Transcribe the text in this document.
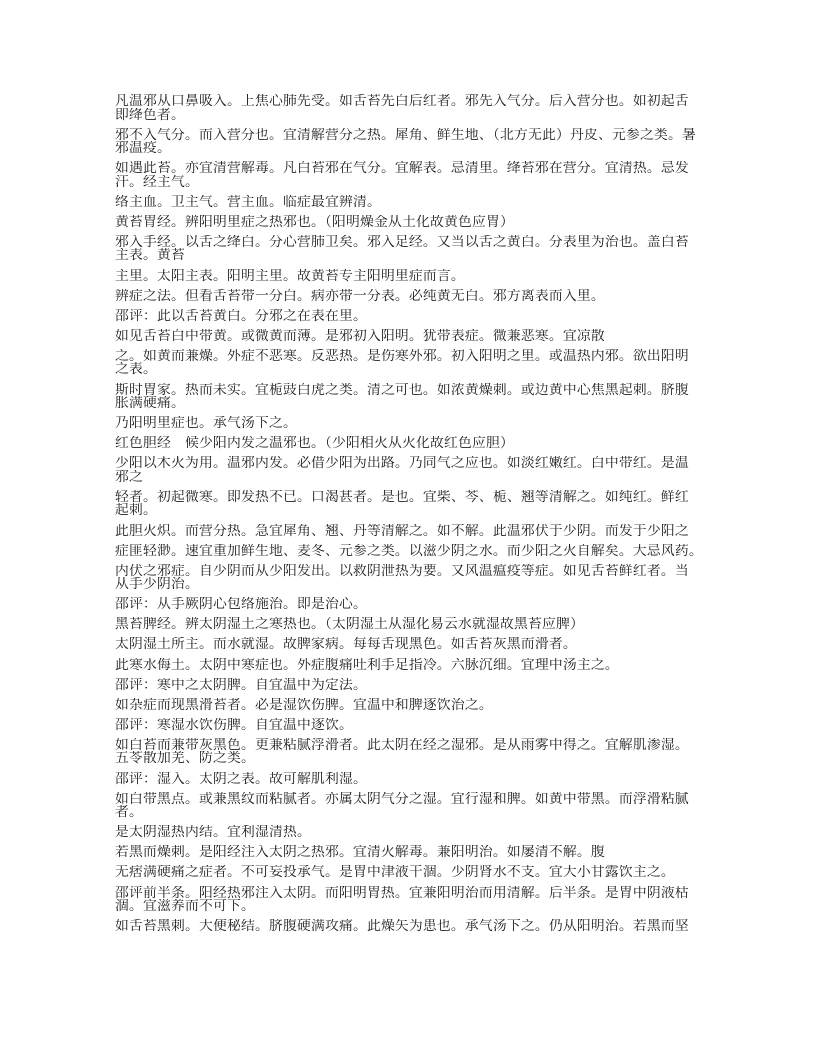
凡温邪从口鼻吸入。上焦心肺先受。如舌苔先白后红者。邪先入气分。后入营分也。如初起舌
即绛色者。

邪不入气分。而入营分也。宜清解营分之热。犀角、鲜生地、（北方无此）丹皮、元参之类。暑
邪温疫。

如遇此苔。亦宜清营解毒。凡白苔邪在气分。宜解表。忌清里。绛苔邪在营分。宜清热。忌发
汗。经主气。

络主血。卫主气。营主血。临症最宜辨清。

黄苔胃经。辨阳明里症之热邪也。（阳明燥金从土化故黄色应胃）

邪入手经。以舌之绛白。分心营肺卫矣。邪入足经。又当以舌之黄白。分表里为治也。盖白苔
主表。黄苔

主里。太阳主表。阳明主里。故黄苔专主阳明里症而言。

辨症之法。但看舌苔带一分白。病亦带一分表。必纯黄无白。邪方离表而入里。

邵评：此以舌苔黄白。分邪之在表在里。

如见舌苔白中带黄。或微黄而薄。是邪初入阳明。犹带表症。微兼恶寒。宜凉散

之。如黄而兼燥。外症不恶寒。反恶热。是伤寒外邪。初入阳明之里。或温热内邪。欲出阳明
之表。

斯时胃家。热而未实。宜栀豉白虎之类。清之可也。如浓黄燥刺。或边黄中心焦黑起刺。脐腹
胀满硬痛。

乃阳明里症也。承气汤下之。

红色胆经　候少阳内发之温邪也。（少阳相火从火化故红色应胆）

少阳以木火为用。温邪内发。必借少阳为出路。乃同气之应也。如淡红嫩红。白中带红。是温
邪之

轻者。初起微寒。即发热不已。口渴甚者。是也。宜柴、芩、栀、翘等清解之。如纯红。鲜红
起刺。

此胆火炽。而营分热。急宜犀角、翘、丹等清解之。如不解。此温邪伏于少阴。而发于少阳之

症匪轻渺。速宜重加鲜生地、麦冬、元参之类。以滋少阴之水。而少阳之火自解矣。大忌风药。

内伏之邪症。自少阴而从少阳发出。以救阴泄热为要。又风温瘟疫等症。如见舌苔鲜红者。当
从手少阴治。

邵评：从手厥阴心包络施治。即是治心。

黑苔脾经。辨太阴湿土之寒热也。（太阴湿土从湿化易云水就湿故黑苔应脾）

太阴湿土所主。而水就湿。故脾家病。每每舌现黑色。如舌苔灰黑而滑者。

此寒水侮土。太阴中寒症也。外症腹痛吐利手足指冷。六脉沉细。宜理中汤主之。

邵评：寒中之太阴脾。自宜温中为定法。

如杂症而现黑滑苔者。必是湿饮伤脾。宜温中和脾逐饮治之。

邵评：寒湿水饮伤脾。自宜温中逐饮。

如白苔而兼带灰黑色。更兼粘腻浮滑者。此太阴在经之湿邪。是从雨雾中得之。宜解肌渗湿。
五苓散加羌、防之类。

邵评：湿入。太阴之表。故可解肌利湿。

如白带黑点。或兼黑纹而粘腻者。亦属太阴气分之湿。宜行湿和脾。如黄中带黑。而浮滑粘腻
者。

是太阴湿热内结。宜利湿清热。

若黑而燥刺。是阳经注入太阴之热邪。宜清火解毒。兼阳明治。如屡清不解。腹

无痞满硬痛之症者。不可妄投承气。是胃中津液干涸。少阴肾水不支。宜大小甘露饮主之。

邵评前半条。阳经热邪注入太阴。而阳明胃热。宜兼阳明治而用清解。后半条。是胃中阴液枯
涸。宜滋养而不可下。

如舌苔黑刺。大便秘结。脐腹硬满攻痛。此燥矢为患也。承气汤下之。仍从阳明治。若黑而坚
